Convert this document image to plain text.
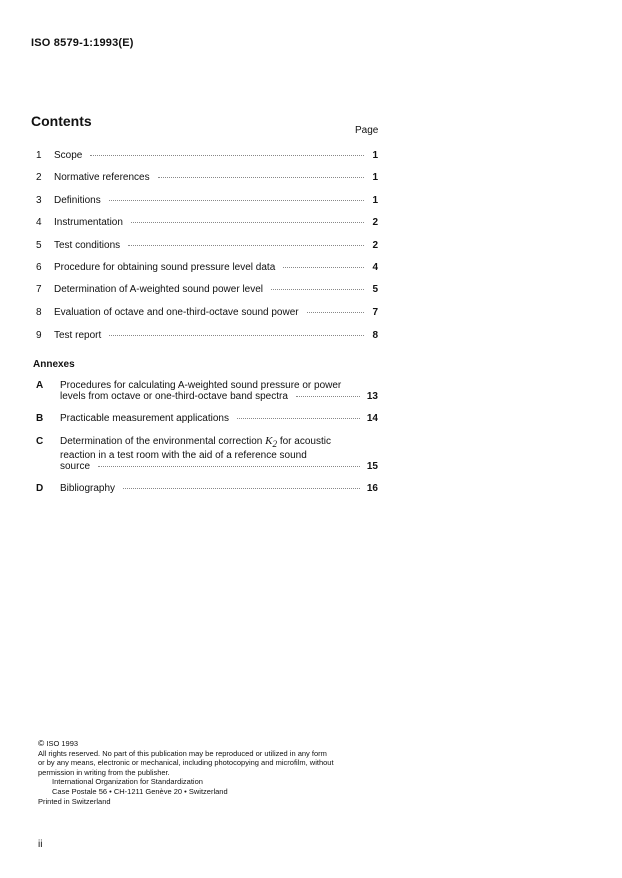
ISO 8579-1:1993(E)
Contents
Page
1	Scope	1
2	Normative references	1
3	Definitions	1
4	Instrumentation	2
5	Test conditions	2
6	Procedure for obtaining sound pressure level data	4
7	Determination of A-weighted sound power level	5
8	Evaluation of octave and one-third-octave sound power	7
9	Test report	8
Annexes
A	Procedures for calculating A-weighted sound pressure or power
levels from octave or one-third-octave band spectra	13
B	Practicable measurement applications	14
C	Determination of the environmental correction $K_2$ for acoustic
reaction in a test room with the aid of a reference sound
source	15
D	Bibliography	16
© ISO 1993
All rights reserved. No part of this publication may be reproduced or utilized in any form
or by any means, electronic or mechanical, including photocopying and microfilm, without
permission in writing from the publisher.
International Organization for Standardization
Case Postale 56 • CH-1211 Genève 20 • Switzerland
Printed in Switzerland
ii
